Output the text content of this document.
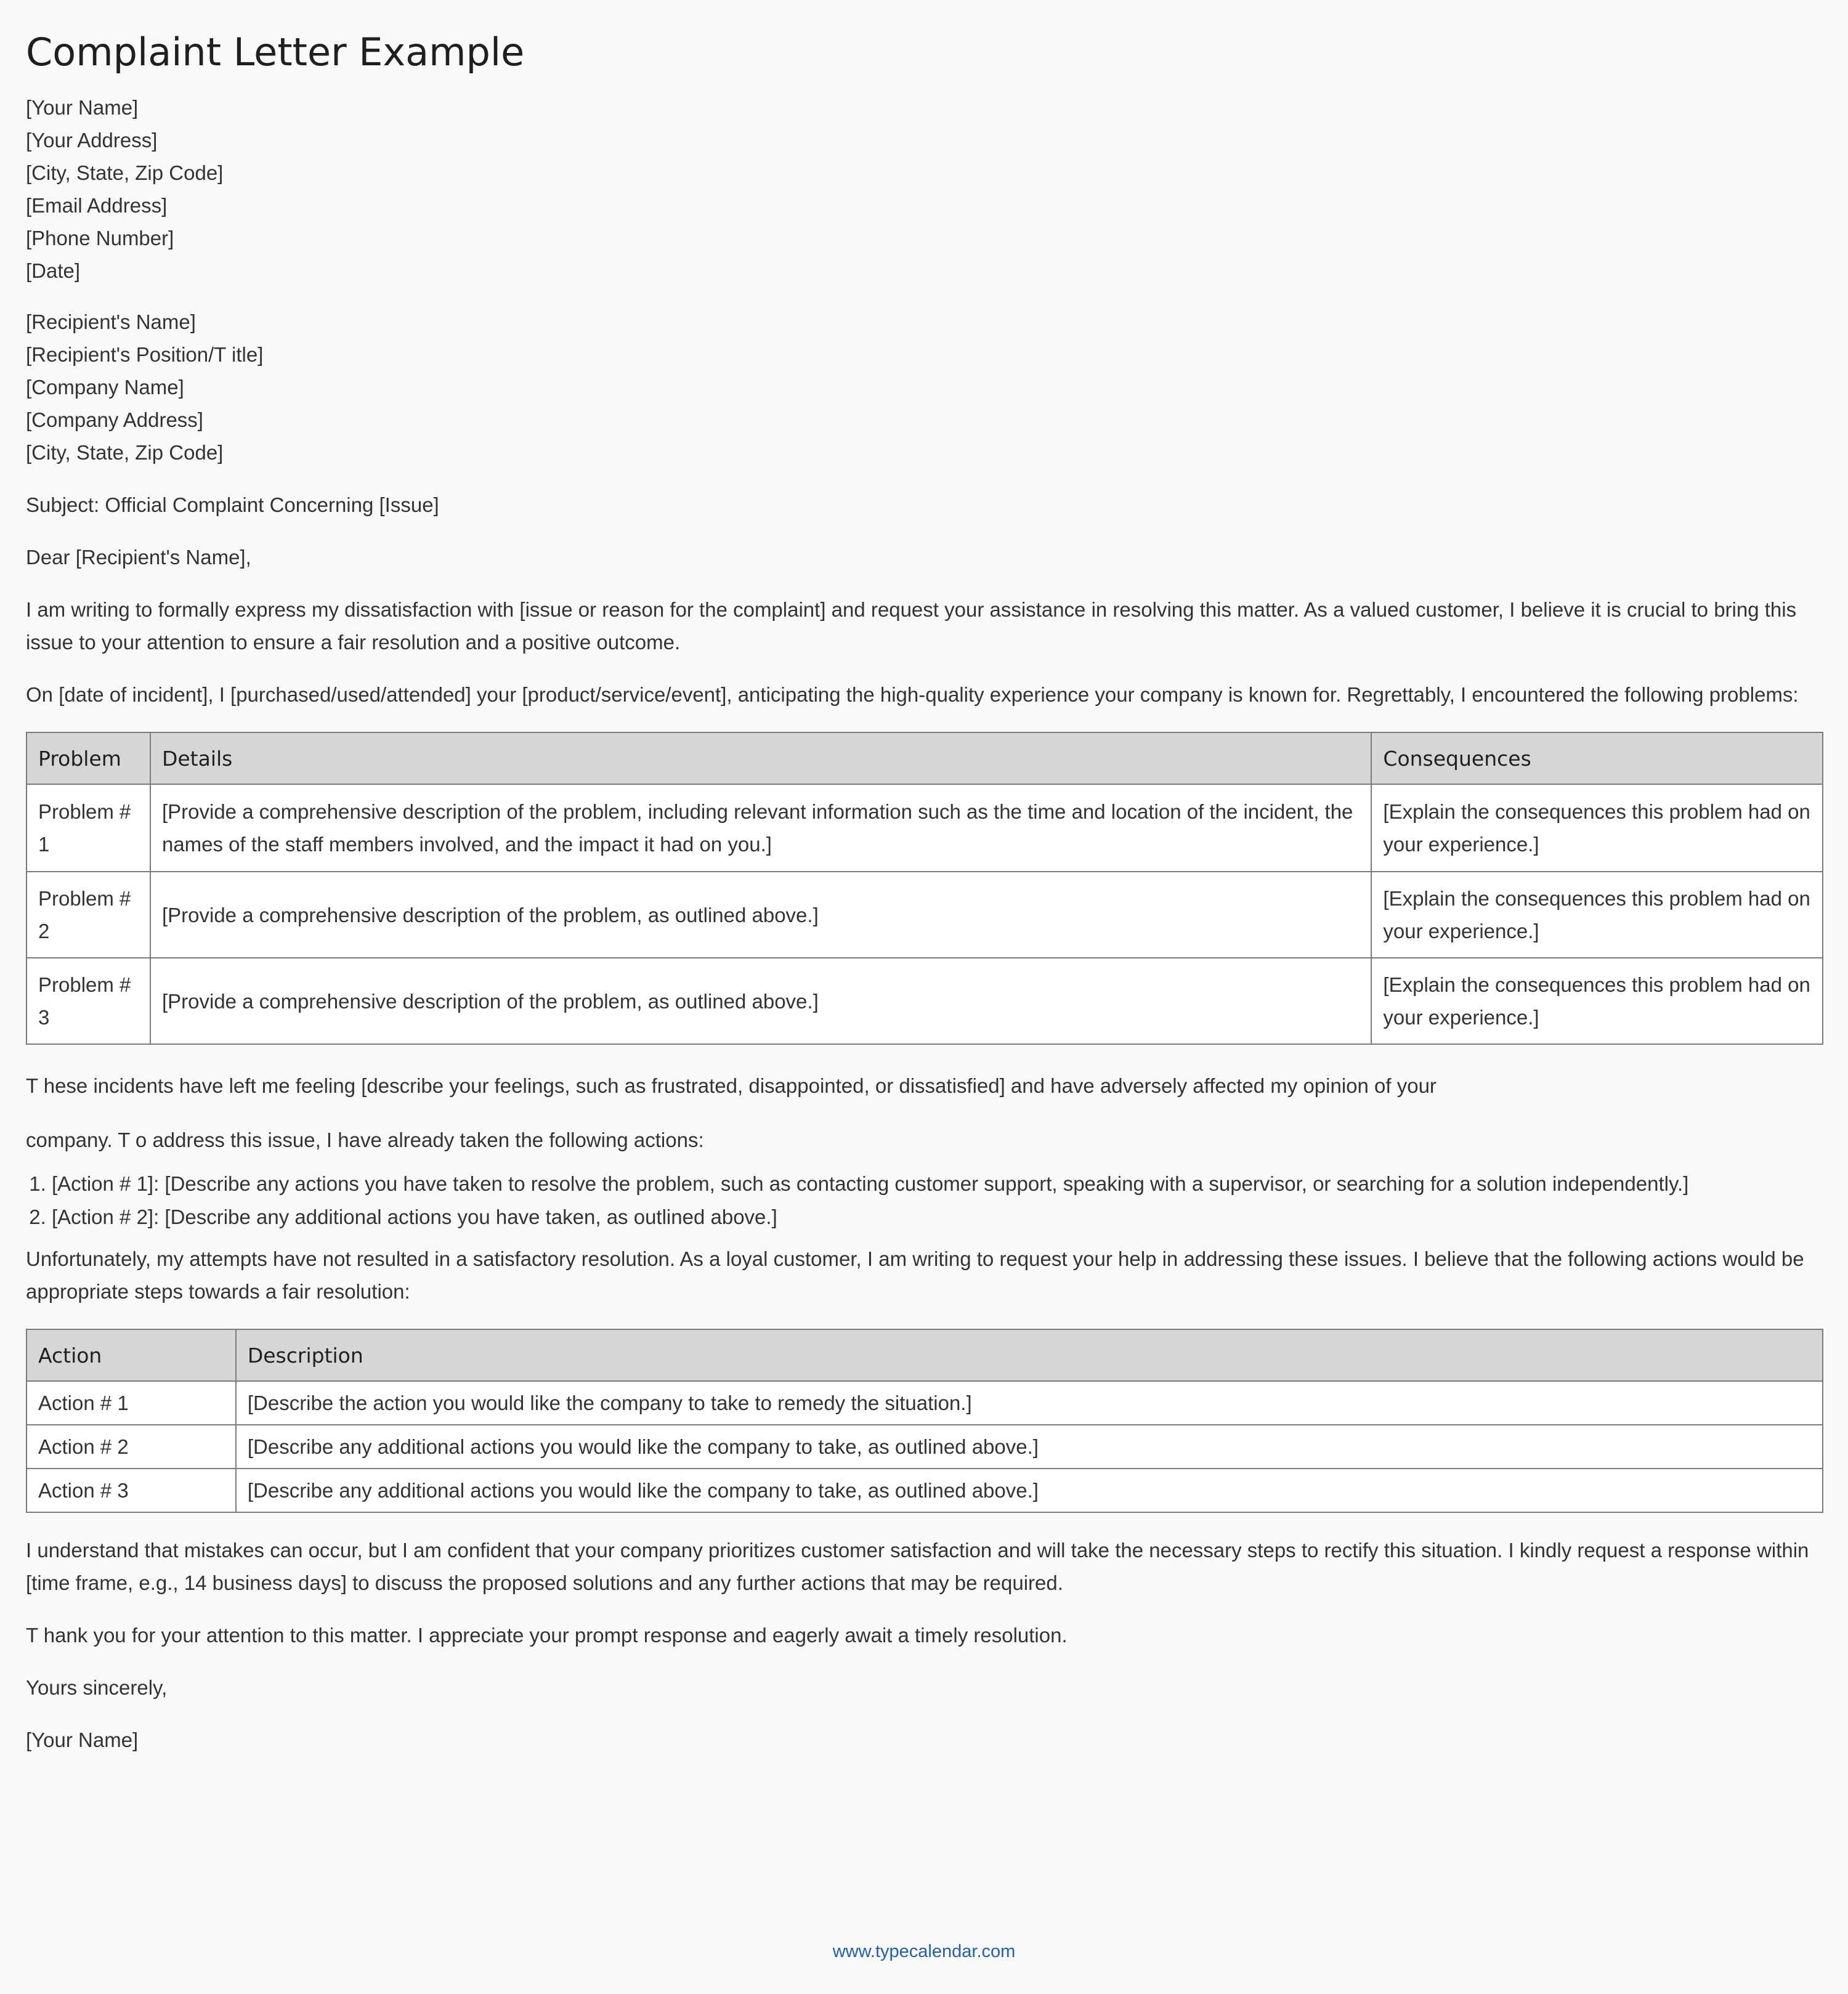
Complaint Letter Example
[Your Name]
[Your Address]
[City, State, Zip Code]
[Email Address]
[Phone Number]
[Date]
[Recipient's Name]
[Recipient's Position/T itle]
[Company Name]
[Company Address]
[City, State, Zip Code]

Subject: Official Complaint Concerning [Issue]

Dear [Recipient's Name],

I am writing to formally express my dissatisfaction with [issue or reason for the complaint] and request your assistance in resolving this matter. As a valued customer, I believe it is crucial to bring this issue to your attention to ensure a fair resolution and a positive outcome.

On [date of incident], I [purchased/used/attended] your [product/service/event], anticipating the high-quality experience your company is known for. Regrettably, I encountered the following problems:

Problem	Details	Consequences
Problem # 1	[Provide a comprehensive description of the problem, including relevant information such as the time and location of the incident, the names of the staff members involved, and the impact it had on you.]	[Explain the consequences this problem had on your experience.]
Problem # 2	[Provide a comprehensive description of the problem, as outlined above.]	[Explain the consequences this problem had on your experience.]
Problem # 3	[Provide a comprehensive description of the problem, as outlined above.]	[Explain the consequences this problem had on your experience.]

T hese incidents have left me feeling [describe your feelings, such as frustrated, disappointed, or dissatisfied] and have adversely affected my opinion of your

company. T o address this issue, I have already taken the following actions:

1. [Action # 1]: [Describe any actions you have taken to resolve the problem, such as contacting customer support, speaking with a supervisor, or searching for a solution independently.]
2. [Action # 2]: [Describe any additional actions you have taken, as outlined above.]

Unfortunately, my attempts have not resulted in a satisfactory resolution. As a loyal customer, I am writing to request your help in addressing these issues. I believe that the following actions would be appropriate steps towards a fair resolution:

Action	Description
Action # 1	[Describe the action you would like the company to take to remedy the situation.]
Action # 2	[Describe any additional actions you would like the company to take, as outlined above.]
Action # 3	[Describe any additional actions you would like the company to take, as outlined above.]

I understand that mistakes can occur, but I am confident that your company prioritizes customer satisfaction and will take the necessary steps to rectify this situation. I kindly request a response within [time frame, e.g., 14 business days] to discuss the proposed solutions and any further actions that may be required.

T hank you for your attention to this matter. I appreciate your prompt response and eagerly await a timely resolution.

Yours sincerely,

[Your Name]

www.typecalendar.com
